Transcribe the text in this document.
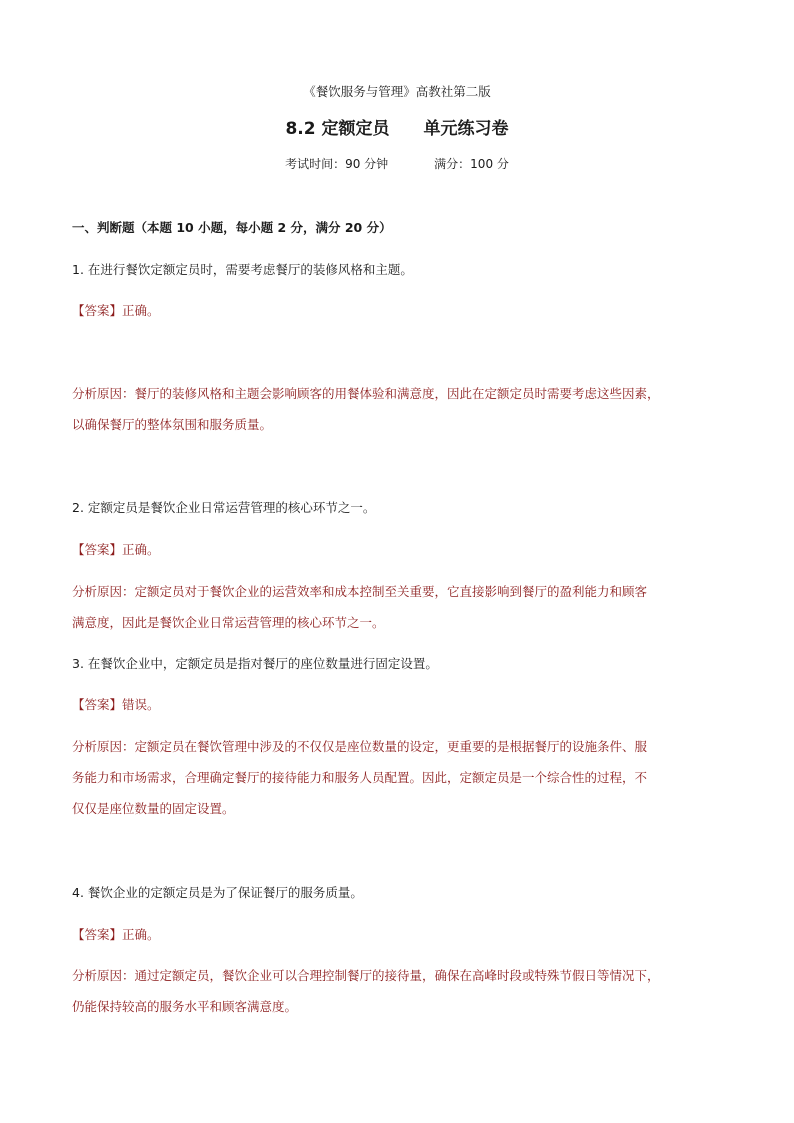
《餐饮服务与管理》高教社第二版
8.2 定额定员 单元练习卷
考试时间：90 分钟	满分：100 分
一、判断题（本题 10 小题，每小题 2 分，满分 20 分）
1. 在进行餐饮定额定员时，需要考虑餐厅的装修风格和主题。
【答案】正确。
分析原因：餐厅的装修风格和主题会影响顾客的用餐体验和满意度，因此在定额定员时需要考虑这些因素，
以确保餐厅的整体氛围和服务质量。
2. 定额定员是餐饮企业日常运营管理的核心环节之一。
【答案】正确。
分析原因：定额定员对于餐饮企业的运营效率和成本控制至关重要，它直接影响到餐厅的盈利能力和顾客
满意度，因此是餐饮企业日常运营管理的核心环节之一。
3. 在餐饮企业中，定额定员是指对餐厅的座位数量进行固定设置。
【答案】错误。
分析原因：定额定员在餐饮管理中涉及的不仅仅是座位数量的设定，更重要的是根据餐厅的设施条件、服
务能力和市场需求，合理确定餐厅的接待能力和服务人员配置。因此，定额定员是一个综合性的过程，不
仅仅是座位数量的固定设置。
4. 餐饮企业的定额定员是为了保证餐厅的服务质量。
【答案】正确。
分析原因：通过定额定员，餐饮企业可以合理控制餐厅的接待量，确保在高峰时段或特殊节假日等情况下，
仍能保持较高的服务水平和顾客满意度。
